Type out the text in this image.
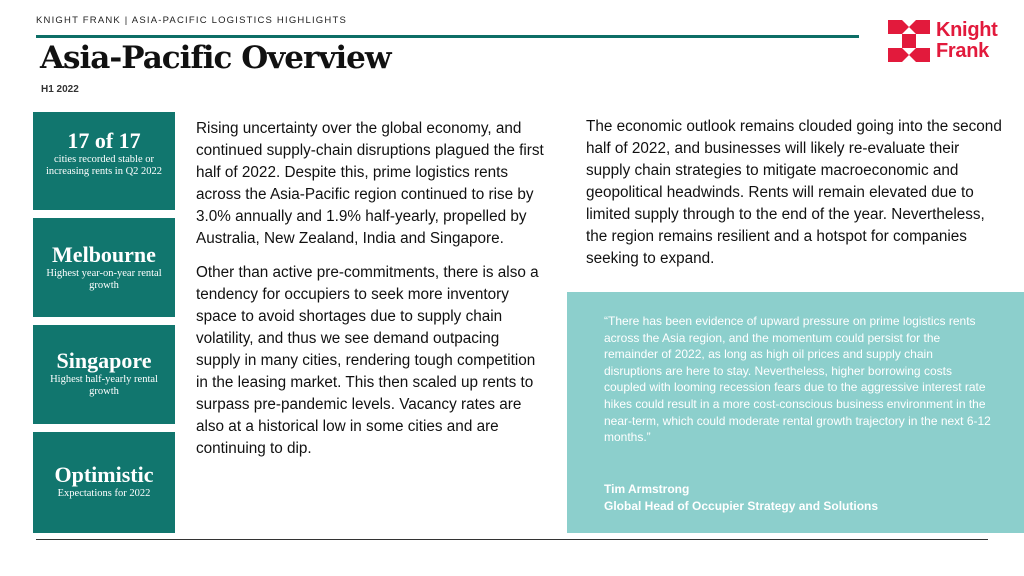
KNIGHT FRANK | ASIA-PACIFIC LOGISTICS HIGHLIGHTS	Knight
Frank
Asia-Pacific Overview
H1 2022
17 of 17
cities recorded stable or increasing rents in Q2 2022
Melbourne
Highest year-on-year rental growth
Singapore
Highest half-yearly rental growth
Optimistic
Expectations for 2022

Rising uncertainty over the global economy, and continued supply-chain disruptions plagued the first half of 2022. Despite this, prime logistics rents across the Asia-Pacific region continued to rise by 3.0% annually and 1.9% half-yearly, propelled by Australia, New Zealand, India and Singapore.

Other than active pre-commitments, there is also a tendency for occupiers to seek more inventory space to avoid shortages due to supply chain volatility, and thus we see demand outpacing supply in many cities, rendering tough competition in the leasing market. This then scaled up rents to surpass pre-pandemic levels. Vacancy rates are also at a historical low in some cities and are continuing to dip.

The economic outlook remains clouded going into the second half of 2022, and businesses will likely re-evaluate their supply chain strategies to mitigate macroeconomic and geopolitical headwinds. Rents will remain elevated due to limited supply through to the end of the year. Nevertheless, the region remains resilient and a hotspot for companies seeking to expand.

“There has been evidence of upward pressure on prime logistics rents across the Asia region, and the momentum could persist for the remainder of 2022, as long as high oil prices and supply chain disruptions are here to stay. Nevertheless, higher borrowing costs coupled with looming recession fears due to the aggressive interest rate hikes could result in a more cost-conscious business environment in the near-term, which could moderate rental growth trajectory in the next 6-12 months.”
Tim Armstrong
Global Head of Occupier Strategy and Solutions
